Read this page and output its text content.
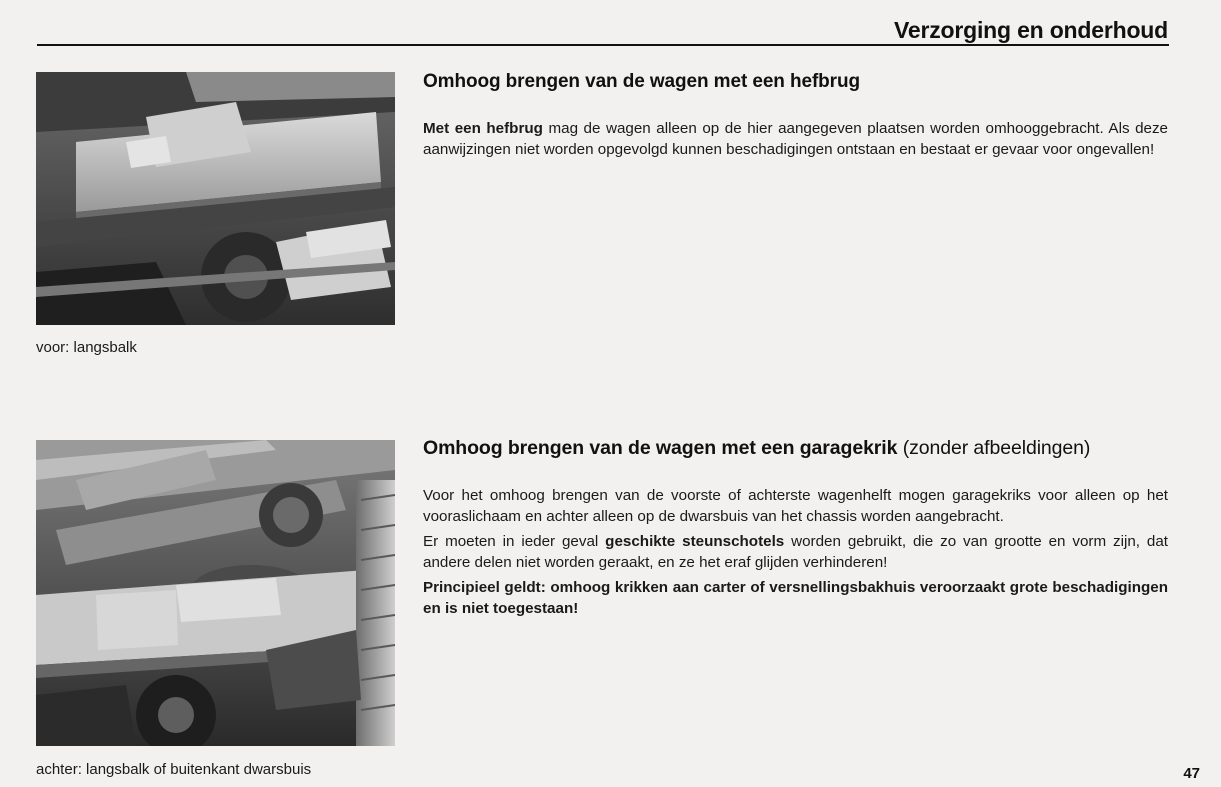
Verzorging en onderhoud
voor: langsbalk
achter: langsbalk of buitenkant dwarsbuis
Omhoog brengen van de wagen met een hefbrug

Met een hefbrug mag de wagen alleen op de hier aangegeven plaatsen worden omhooggebracht. Als deze aanwijzingen niet worden opgevolgd kunnen beschadigingen ontstaan en bestaat er gevaar voor ongevallen!

Omhoog brengen van de wagen met een garagekrik (zonder afbeeldingen)

Voor het omhoog brengen van de voorste of achterste wagenhelft mogen garagekriks voor alleen op het vooraslichaam en achter alleen op de dwarsbuis van het chassis worden aangebracht.

Er moeten in ieder geval geschikte steunschotels worden gebruikt, die zo van grootte en vorm zijn, dat andere delen niet worden geraakt, en ze het eraf glijden verhinderen!

Principieel geldt: omhoog krikken aan carter of versnellingsbakhuis veroorzaakt grote beschadigingen en is niet toegestaan!

47
